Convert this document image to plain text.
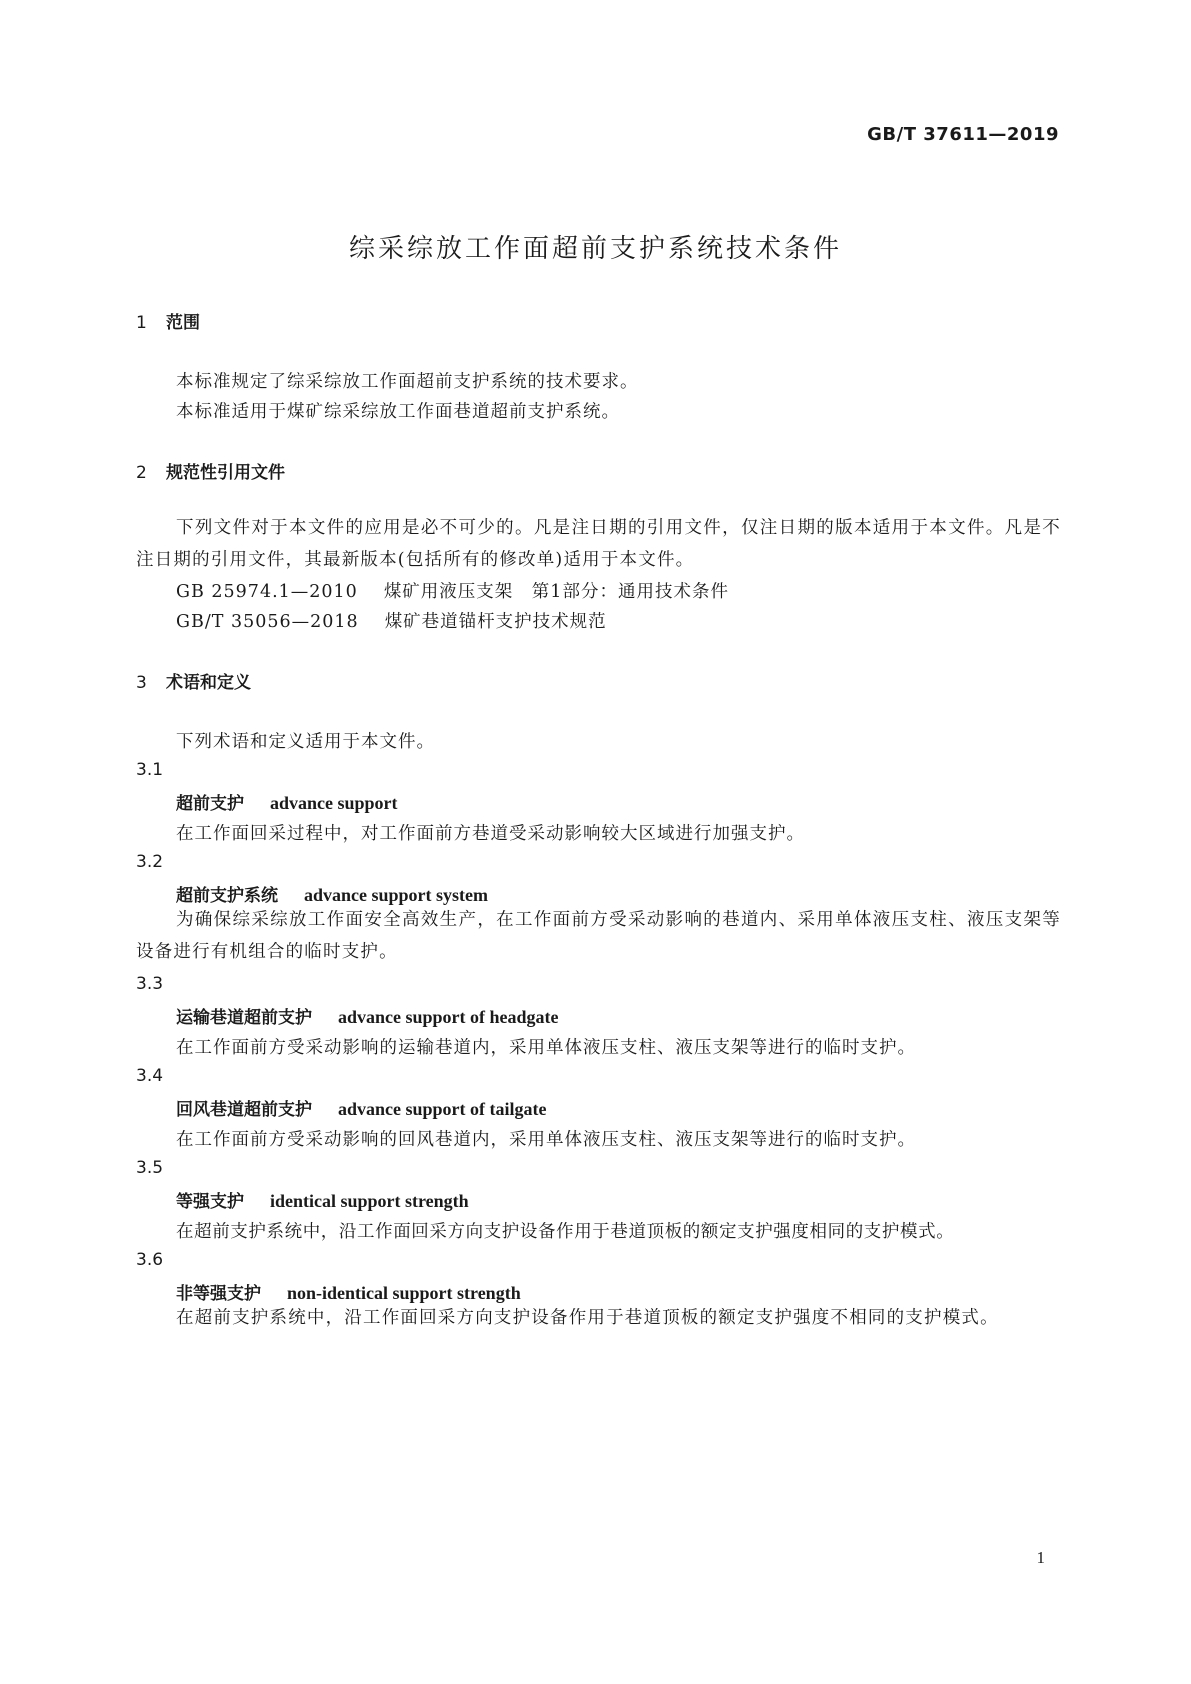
GB/T 37611—2019
综采综放工作面超前支护系统技术条件
1 范围

本标准规定了综采综放工作面超前支护系统的技术要求。

本标准适用于煤矿综采综放工作面巷道超前支护系统。

2 规范性引用文件

下列文件对于本文件的应用是必不可少的。凡是注日期的引用文件，仅注日期的版本适用于本文件。凡是不注日期的引用文件，其最新版本(包括所有的修改单)适用于本文件。

GB 25974.1—2010 煤矿用液压支架　第1部分：通用技术条件

GB/T 35056—2018 煤矿巷道锚杆支护技术规范

3 术语和定义

下列术语和定义适用于本文件。

3.1

超前支护 advance support

在工作面回采过程中，对工作面前方巷道受采动影响较大区域进行加强支护。

3.2

超前支护系统 advance support system

为确保综采综放工作面安全高效生产，在工作面前方受采动影响的巷道内、采用单体液压支柱、液压支架等设备进行有机组合的临时支护。

3.3

运输巷道超前支护 advance support of headgate

在工作面前方受采动影响的运输巷道内，采用单体液压支柱、液压支架等进行的临时支护。

3.4

回风巷道超前支护 advance support of tailgate

在工作面前方受采动影响的回风巷道内，采用单体液压支柱、液压支架等进行的临时支护。

3.5

等强支护 identical support strength

在超前支护系统中，沿工作面回采方向支护设备作用于巷道顶板的额定支护强度相同的支护模式。

3.6

非等强支护 non-identical support strength

在超前支护系统中，沿工作面回采方向支护设备作用于巷道顶板的额定支护强度不相同的支护模式。

1
